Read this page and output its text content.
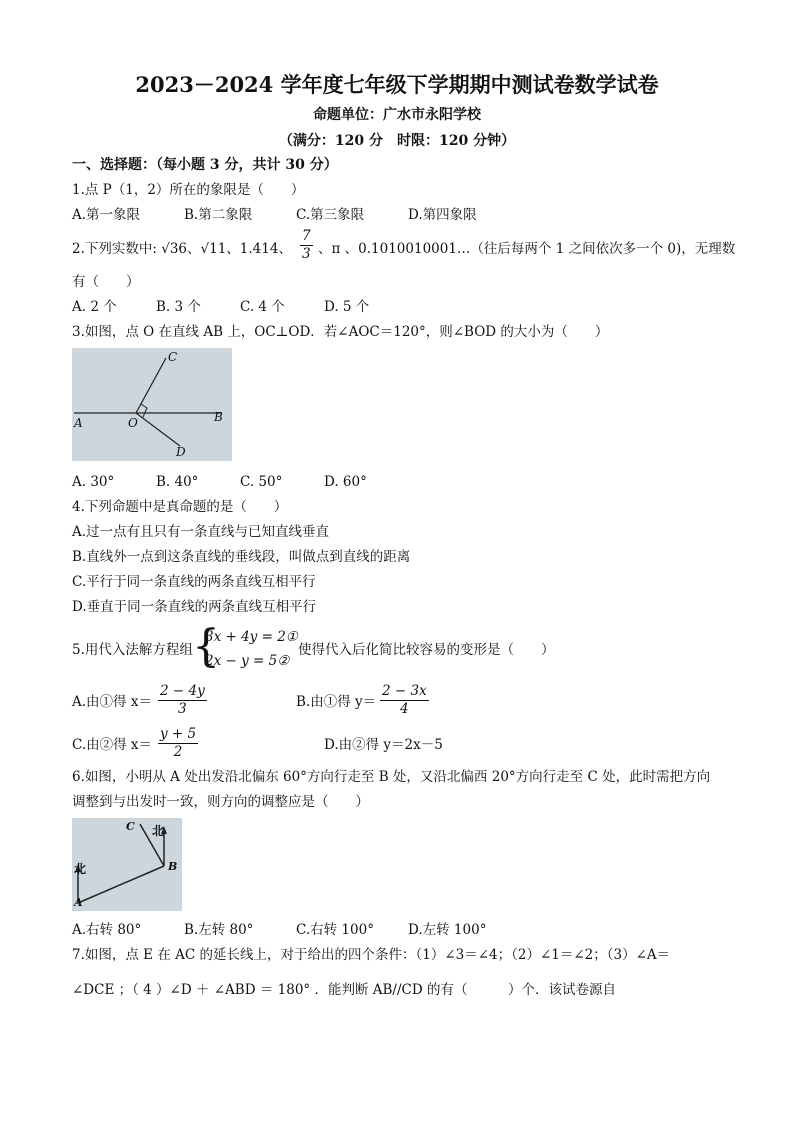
2023－2024 学年度七年级下学期期中测试卷数学试卷
命题单位：广水市永阳学校
（满分：120 分　时限：120 分钟）
一、选择题：（每小题 3 分，共计 30 分）
1.点 P（1，2）所在的象限是（　　）
A.第一象限	B.第二象限	C.第三象限	D.第四象限
2.下列实数中: √36、√11、1.414、 $\frac{7}{3}$ 、π 、0.1010010001…（往后每两个 1 之间依次多一个 0)，无理数
有（　　）
A. 2 个	B. 3 个	C. 4 个	D. 5 个
3.如图，点 O 在直线 AB 上，OC⊥OD．若∠AOC＝120°，则∠BOD 的大小为（　　）
A	O	B
C
D
A. 30°	B. 40°	C. 50°	D. 60°
4.下列命题中是真命题的是（　　）
A.过一点有且只有一条直线与已知直线垂直
B.直线外一点到这条直线的垂线段，叫做点到直线的距离
C.平行于同一条直线的两条直线互相平行
D.垂直于同一条直线的两条直线互相平行
5.用代入法解方程组 {
3x + 4y = 2①
2x − y = 5②
使得代入后化简比较容易的变形是（　　）
A.由①得 $x= \frac{2 - 4y}{3}$	B.由①得 $y= \frac{2 - 3x}{4}$
C.由②得 $x= \frac{y + 5}{2}$	D.由②得 y＝2x－5
6.如图，小明从 A 处出发沿北偏东 60°方向行走至 B 处，又沿北偏西 20°方向行走至 C 处，此时需把方向
调整到与出发时一致，则方向的调整应是（　　）
北
北
A
B
C
A.右转 80°	B.左转 80°	C.右转 100°	D.左转 100°
7.如图，点 E 在 AC 的延长线上，对于给出的四个条件：（1）∠3＝∠4；（2）∠1＝∠2；（3）∠A＝
∠DCE ；（ 4 ）∠D ＋ ∠ABD ＝ 180° ．能判断 AB//CD 的有（　　　）个．该试卷源自
